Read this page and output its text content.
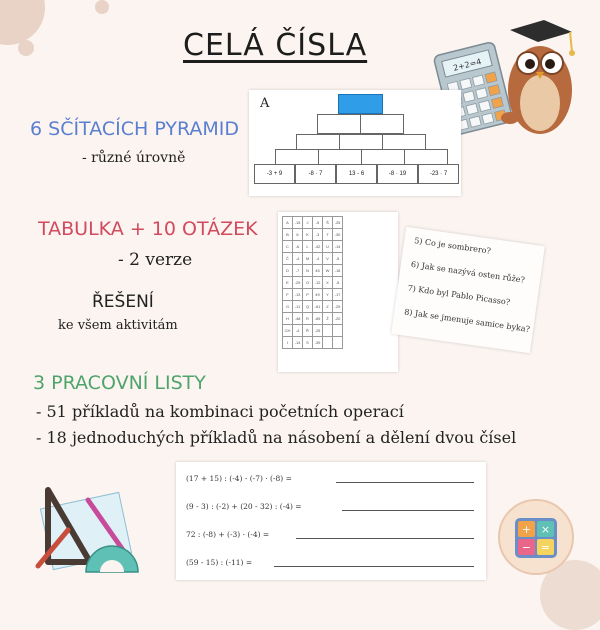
CELÁ ČÍSLA
2+2=4
6 SČÍTACÍCH PYRAMID
- různé úrovně
A
-3 + 9	-8 · 7	13 - 6	-8 · 19	-23 · 7
TABULKA + 10 OTÁZEK
- 2 verze
ŘEŠENÍ
ke všem aktivitám
A	-15	J	-5	Š	-25
B	6	K	-3	T	-30
C	-6	L	-42	U	-14
Č	-4	M	-4	V	-5
D	-7	N	45	W	-18
E	-29	O	-12	X	-5
F	-13	P	49	Y	-17
G	-11	Q	-61	Z	-29
H	-48	R	-65	Ž	-20
CH	-4	Ř	-25		
I	-14	S	-39		
5) Co je sombrero?
6) Jak se nazývá osten růže?
7) Kdo byl Pablo Picasso?
8) Jak se jmenuje samice byka?
3 PRACOVNÍ LISTY
- 51 příkladů na kombinaci početních operací
- 18 jednoduchých příkladů na násobení a dělení dvou čísel
(17 + 15) : (-4) - (-7) · (-8) =
(9 - 3) : (-2) + (20 - 32) : (-4) =
72 : (-8) + (-3) · (-4) =
(59 - 15) : (-11) =
+ ×
− =
